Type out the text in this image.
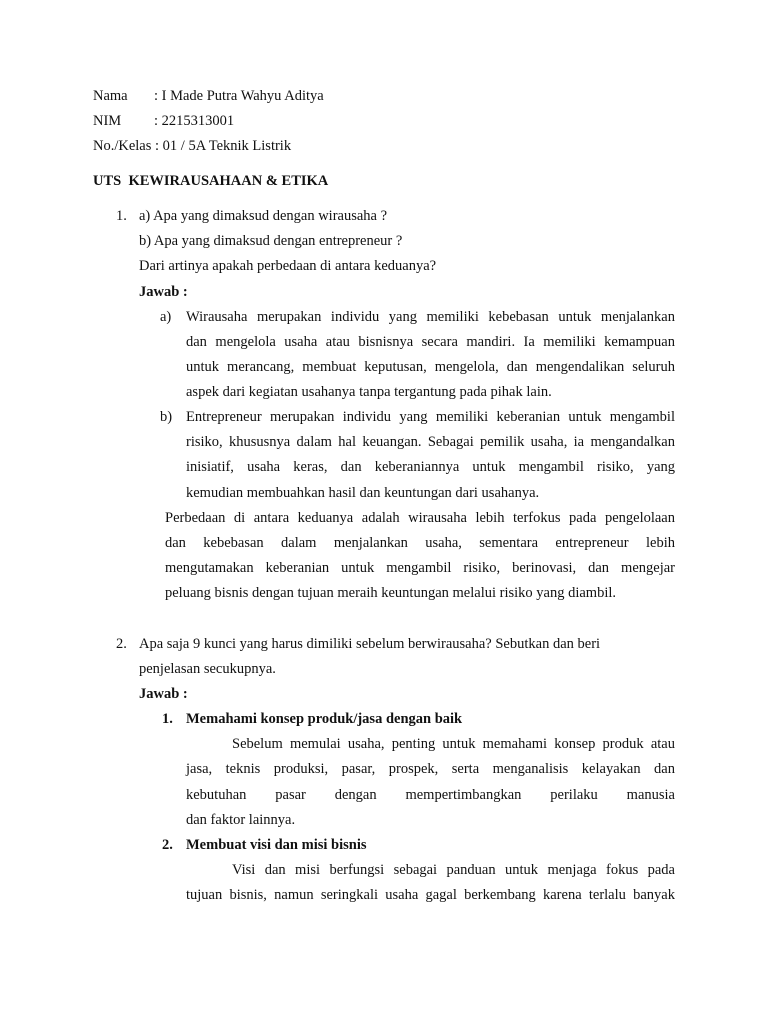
Nama : I Made Putra Wahyu Aditya
NIM : 2215313001
No./Kelas : 01 / 5A Teknik Listrik
UTS  KEWIRAUSAHAAN & ETIKA
1. a) Apa yang dimaksud dengan wirausaha ?
b) Apa yang dimaksud dengan entrepreneur ?
Dari artinya apakah perbedaan di antara keduanya?
Jawab :
a) Wirausaha merupakan individu yang memiliki kebebasan untuk menjalankan
dan mengelola usaha atau bisnisnya secara mandiri. Ia memiliki kemampuan
untuk merancang, membuat keputusan, mengelola, dan mengendalikan seluruh
aspek dari kegiatan usahanya tanpa tergantung pada pihak lain.
b) Entrepreneur merupakan individu yang memiliki keberanian untuk mengambil
risiko, khususnya dalam hal keuangan. Sebagai pemilik usaha, ia mengandalkan
inisiatif, usaha keras, dan keberaniannya untuk mengambil risiko, yang
kemudian membuahkan hasil dan keuntungan dari usahanya.
Perbedaan di antara keduanya adalah wirausaha lebih terfokus pada pengelolaan
dan kebebasan dalam menjalankan usaha, sementara entrepreneur lebih
mengutamakan keberanian untuk mengambil risiko, berinovasi, dan mengejar
peluang bisnis dengan tujuan meraih keuntungan melalui risiko yang diambil.
2. Apa saja 9 kunci yang harus dimiliki sebelum berwirausaha? Sebutkan dan beri
penjelasan secukupnya.
Jawab :
1. Memahami konsep produk/jasa dengan baik
Sebelum memulai usaha, penting untuk memahami konsep produk atau
jasa, teknis produksi, pasar, prospek, serta menganalisis kelayakan dan
kebutuhan pasar dengan mempertimbangkan perilaku manusia
dan faktor lainnya.
2. Membuat visi dan misi bisnis
Visi dan misi berfungsi sebagai panduan untuk menjaga fokus pada
tujuan bisnis, namun seringkali usaha gagal berkembang karena terlalu banyak
